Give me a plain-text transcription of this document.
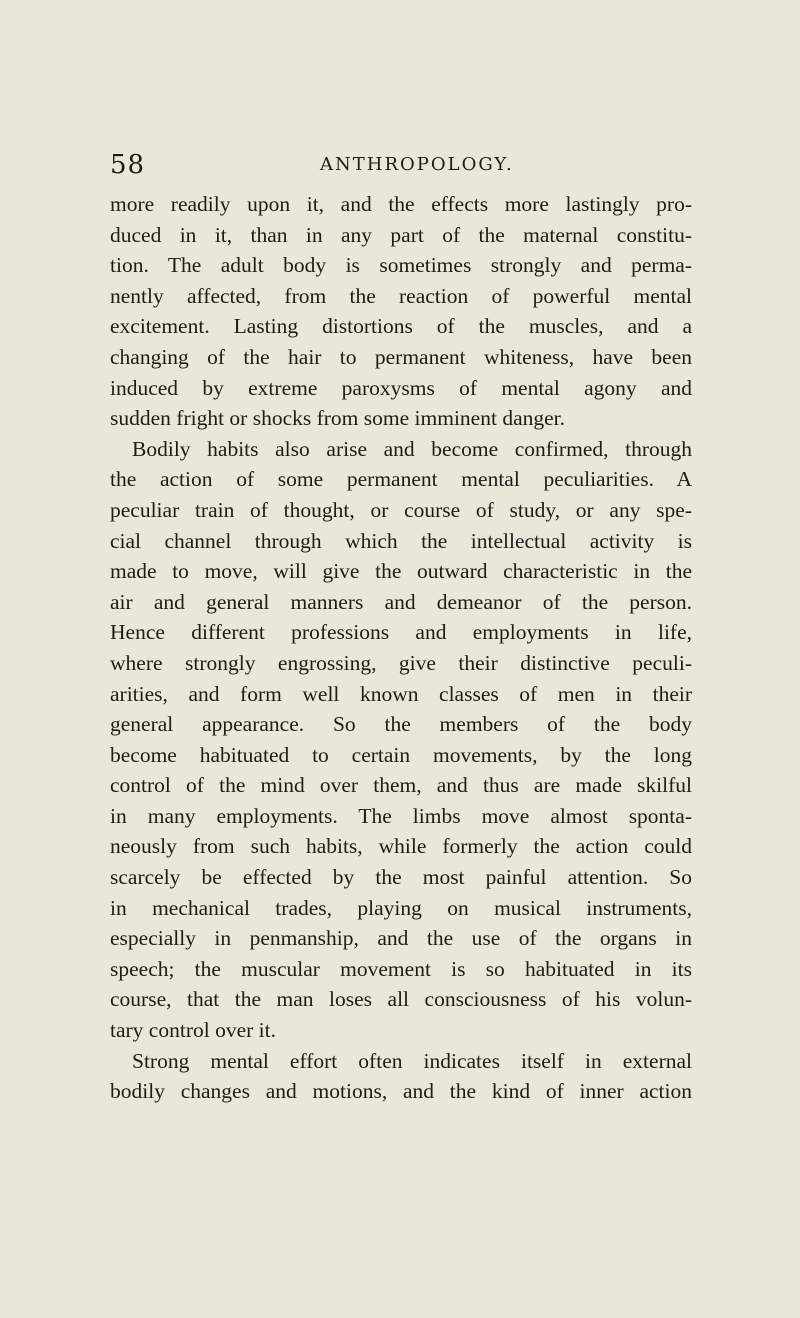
58	ANTHROPOLOGY.
more readily upon it, and the effects more lastingly pro-
duced in it, than in any part of the maternal constitu-
tion. The adult body is sometimes strongly and perma-
nently affected, from the reaction of powerful mental
excitement. Lasting distortions of the muscles, and a
changing of the hair to permanent whiteness, have been
induced by extreme paroxysms of mental agony and
sudden fright or shocks from some imminent danger.
Bodily habits also arise and become confirmed, through
the action of some permanent mental peculiarities. A
peculiar train of thought, or course of study, or any spe-
cial channel through which the intellectual activity is
made to move, will give the outward characteristic in the
air and general manners and demeanor of the person.
Hence different professions and employments in life,
where strongly engrossing, give their distinctive peculi-
arities, and form well known classes of men in their
general appearance. So the members of the body
become habituated to certain movements, by the long
control of the mind over them, and thus are made skilful
in many employments. The limbs move almost sponta-
neously from such habits, while formerly the action could
scarcely be effected by the most painful attention. So
in mechanical trades, playing on musical instruments,
especially in penmanship, and the use of the organs in
speech; the muscular movement is so habituated in its
course, that the man loses all consciousness of his volun-
tary control over it.
Strong mental effort often indicates itself in external
bodily changes and motions, and the kind of inner action
